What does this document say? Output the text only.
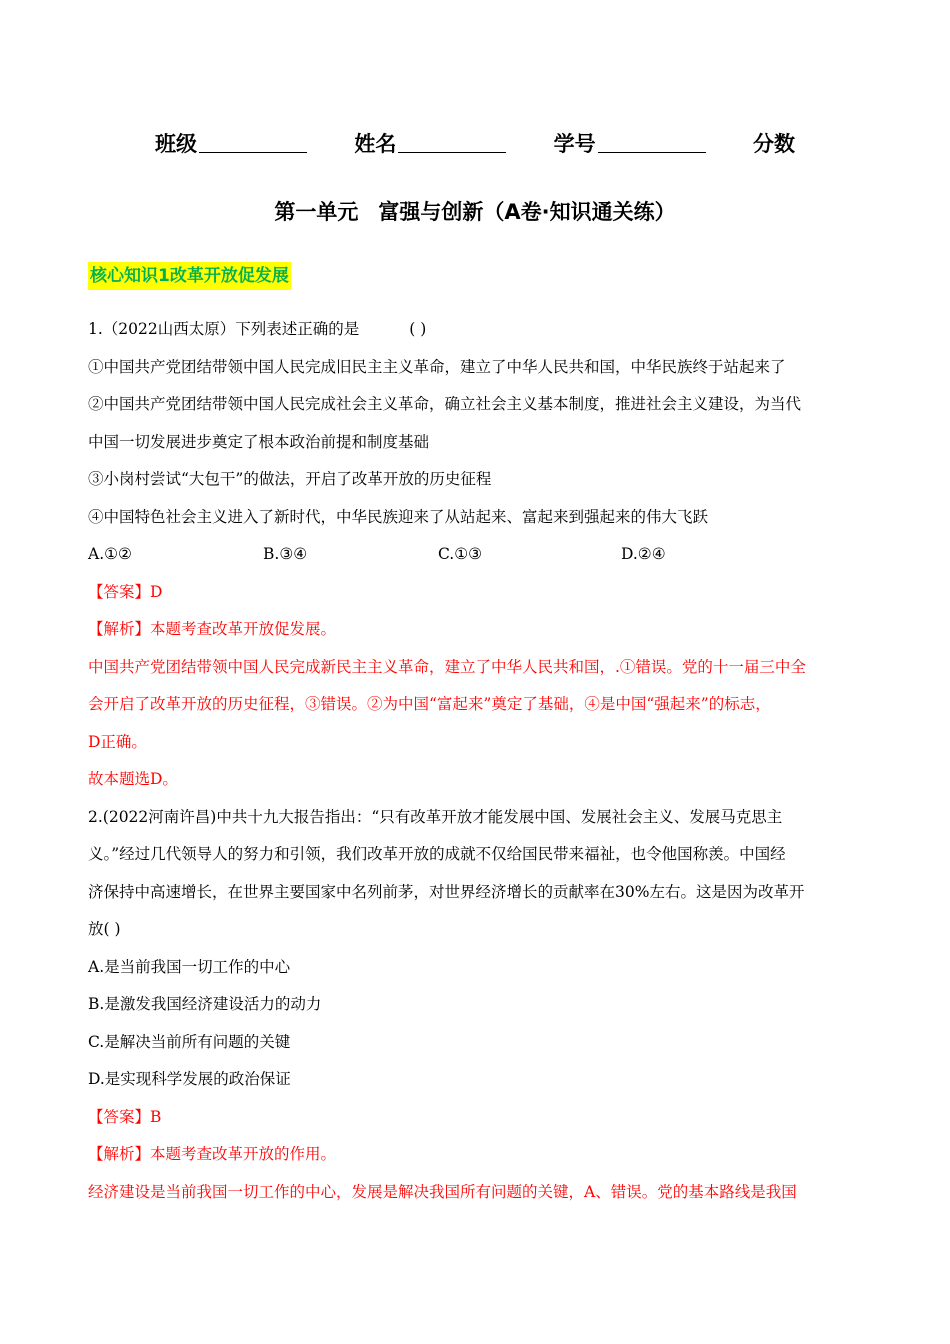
班级	姓名	学号	分数
第一单元 富强与创新（A卷·知识通关练）
核心知识1改革开放促发展
1.（2022山西太原）下列表述正确的是	( )
①中国共产党团结带领中国人民完成旧民主主义革命，建立了中华人民共和国，中华民族终于站起来了
②中国共产党团结带领中国人民完成社会主义革命，确立社会主义基本制度，推进社会主义建设，为当代
中国一切发展进步奠定了根本政治前提和制度基础
③小岗村尝试“大包干”的做法，开启了改革开放的历史征程
④中国特色社会主义进入了新时代，中华民族迎来了从站起来、富起来到强起来的伟大飞跃
A.①②	B.③④	C.①③	D.②④
【答案】D
【解析】本题考查改革开放促发展。
中国共产党团结带领中国人民完成新民主主义革命，建立了中华人民共和国，.①错误。党的十一届三中全
会开启了改革开放的历史征程，③错误。②为中国“富起来”奠定了基础，④是中国“强起来”的标志，
D正确。
故本题选D。
2.(2022河南许昌)中共十九大报告指出：“只有改革开放才能发展中国、发展社会主义、发展马克思主
义。”经过几代领导人的努力和引领，我们改革开放的成就不仅给国民带来福祉，也令他国称羡。中国经
济保持中高速增长，在世界主要国家中名列前茅，对世界经济增长的贡献率在30%左右。这是因为改革开
放( )
A.是当前我国一切工作的中心
B.是激发我国经济建设活力的动力
C.是解决当前所有问题的关键
D.是实现科学发展的政治保证
【答案】B
【解析】本题考查改革开放的作用。
经济建设是当前我国一切工作的中心，发展是解决我国所有问题的关键，A、错误。党的基本路线是我国
